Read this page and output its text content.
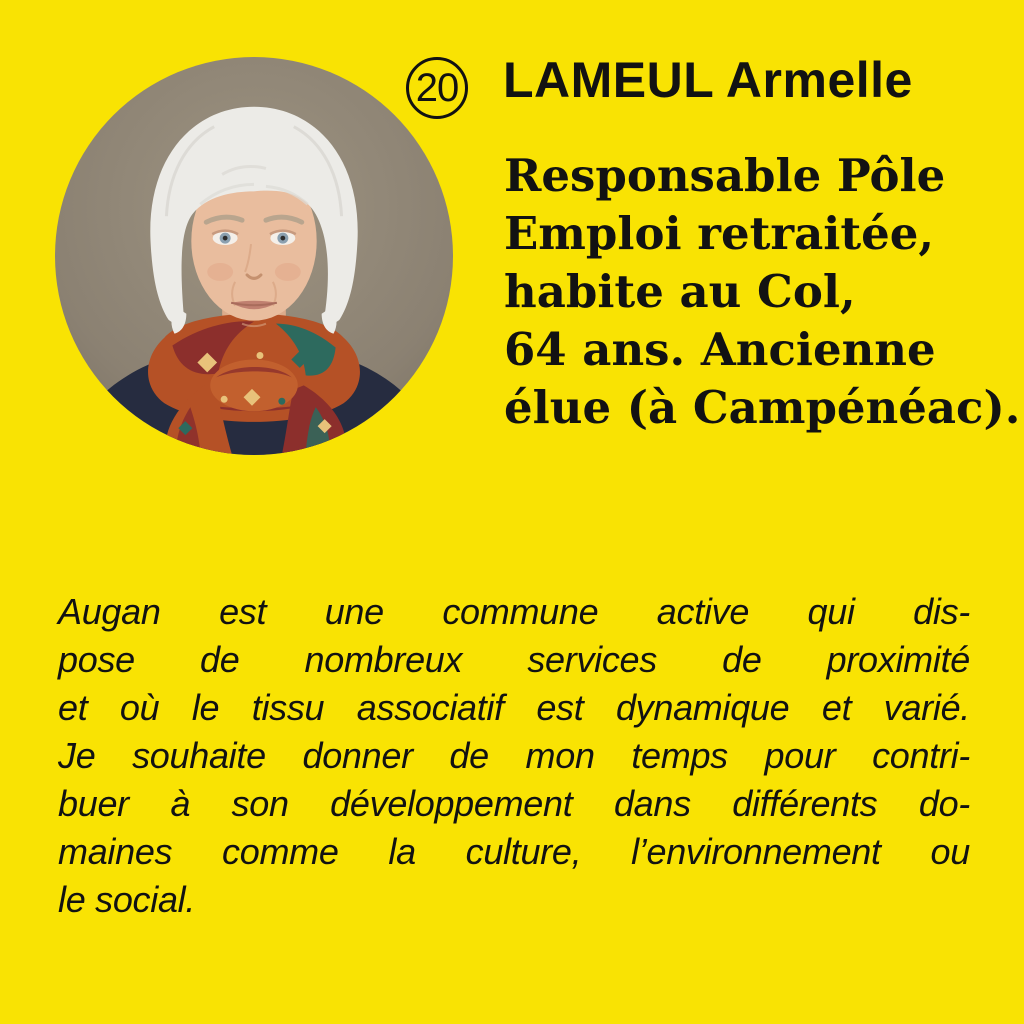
20 LAMEUL Armelle
Responsable Pôle
Emploi retraitée,
habite au Col,
64 ans. Ancienne
élue (à Campénéac).
Augan est une commune active qui dis-
pose de nombreux services de proximité
et où le tissu associatif est dynamique et varié.
Je souhaite donner de mon temps pour contri-
buer à son développement dans différents do-
maines comme la culture, l’environnement ou
le social.
